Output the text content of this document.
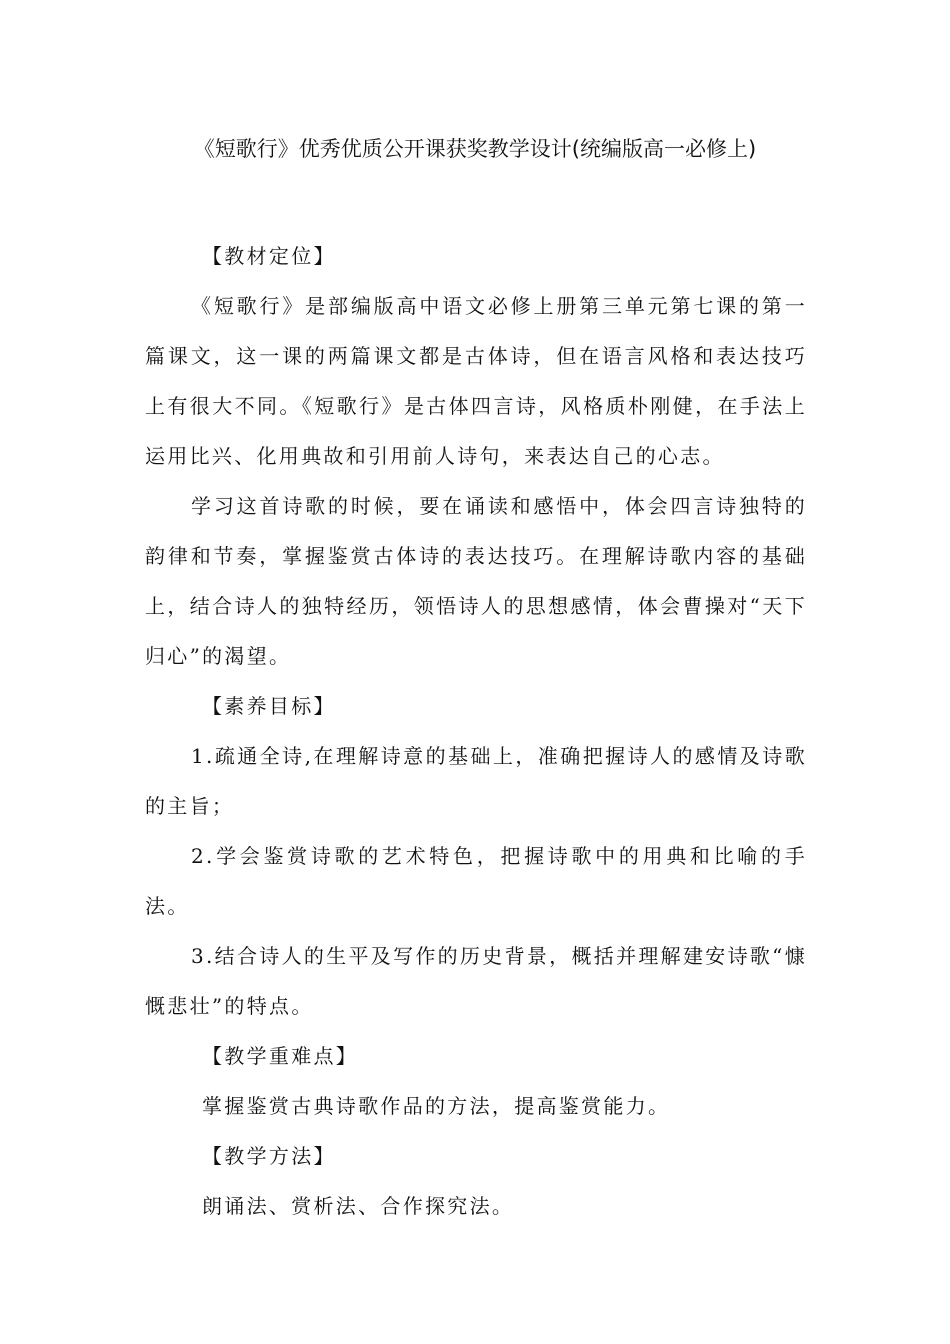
《短歌行》优秀优质公开课获奖教学设计(统编版高一必修上)

【教材定位】

《短歌行》是部编版高中语文必修上册第三单元第七课的第一篇课文，这一课的两篇课文都是古体诗，但在语言风格和表达技巧上有很大不同。《短歌行》是古体四言诗，风格质朴刚健，在手法上运用比兴、化用典故和引用前人诗句，来表达自己的心志。

学习这首诗歌的时候，要在诵读和感悟中，体会四言诗独特的韵律和节奏，掌握鉴赏古体诗的表达技巧。在理解诗歌内容的基础上，结合诗人的独特经历，领悟诗人的思想感情，体会曹操对“天下归心”的渴望。

【素养目标】

1.疏通全诗,在理解诗意的基础上，准确把握诗人的感情及诗歌的主旨；

2.学会鉴赏诗歌的艺术特色，把握诗歌中的用典和比喻的手法。

3.结合诗人的生平及写作的历史背景，概括并理解建安诗歌“慷慨悲壮”的特点。

【教学重难点】

掌握鉴赏古典诗歌作品的方法，提高鉴赏能力。

【教学方法】

朗诵法、赏析法、合作探究法。
